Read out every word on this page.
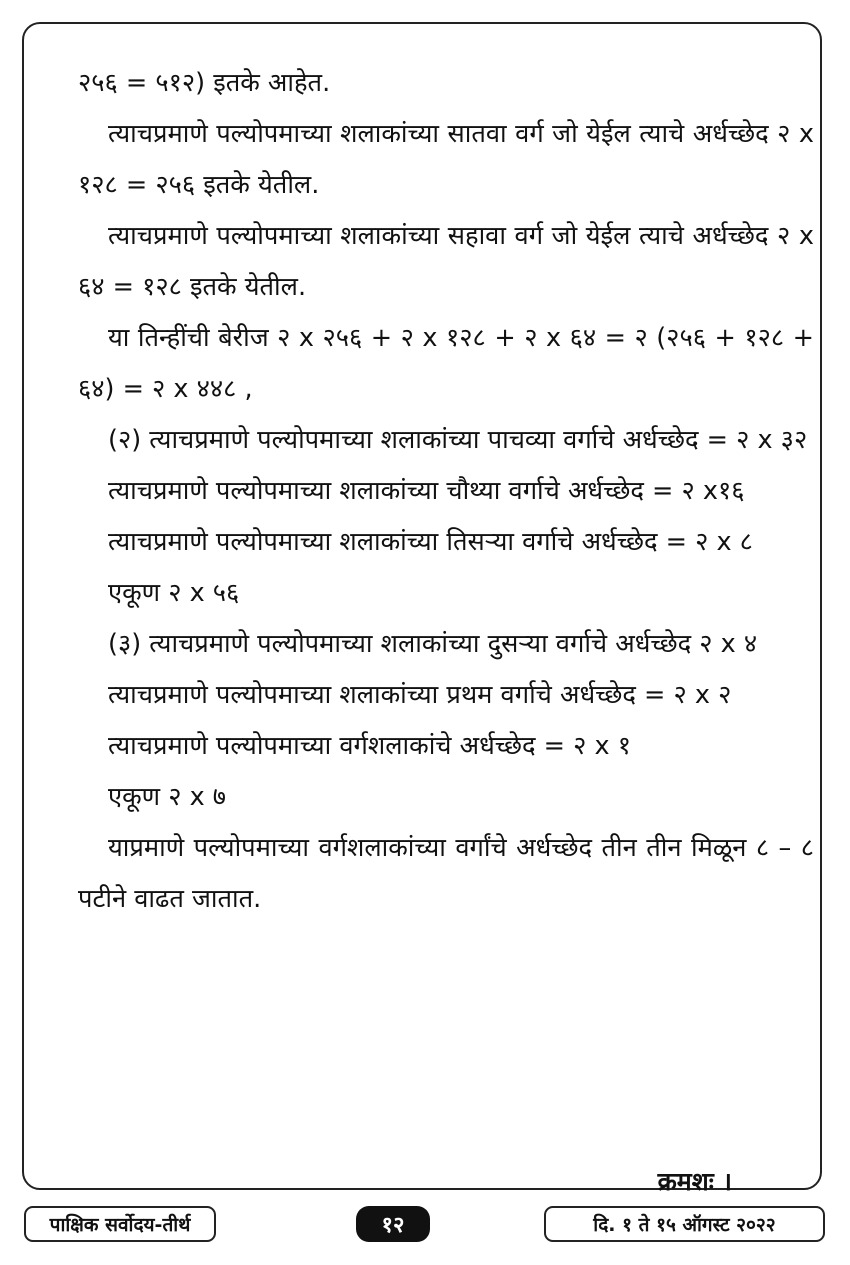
२५६ = ५१२) इतके आहेत.

त्याचप्रमाणे पल्योपमाच्या शलाकांच्या सातवा वर्ग जो येईल त्याचे अर्धच्छेद २ x १२८ = २५६ इतके येतील.

त्याचप्रमाणे पल्योपमाच्या शलाकांच्या सहावा वर्ग जो येईल त्याचे अर्धच्छेद २ x ६४ = १२८ इतके येतील.

या तिन्हींची बेरीज २ x २५६ + २ x १२८ + २ x ६४ = २ (२५६ + १२८ + ६४) = २ x ४४८ ,

(२) त्याचप्रमाणे पल्योपमाच्या शलाकांच्या पाचव्या वर्गाचे अर्धच्छेद = २ x ३२

त्याचप्रमाणे पल्योपमाच्या शलाकांच्या चौथ्या वर्गाचे अर्धच्छेद = २ x१६

त्याचप्रमाणे पल्योपमाच्या शलाकांच्या तिसऱ्या वर्गाचे अर्धच्छेद = २ x ८

एकूण २ x ५६

(३) त्याचप्रमाणे पल्योपमाच्या शलाकांच्या दुसऱ्या वर्गाचे अर्धच्छेद २ x ४

त्याचप्रमाणे पल्योपमाच्या शलाकांच्या प्रथम वर्गाचे अर्धच्छेद = २ x २

त्याचप्रमाणे पल्योपमाच्या वर्गशलाकांचे अर्धच्छेद = २ x १

एकूण २ x ७

याप्रमाणे पल्योपमाच्या वर्गशलाकांच्या वर्गांचे अर्धच्छेद तीन तीन मिळून ८ – ८ पटीने वाढत जातात.

क्रमशः ।
पाक्षिक सर्वोदय-तीर्थ	१२	दि. १ ते १५ ऑगस्ट २०२२
